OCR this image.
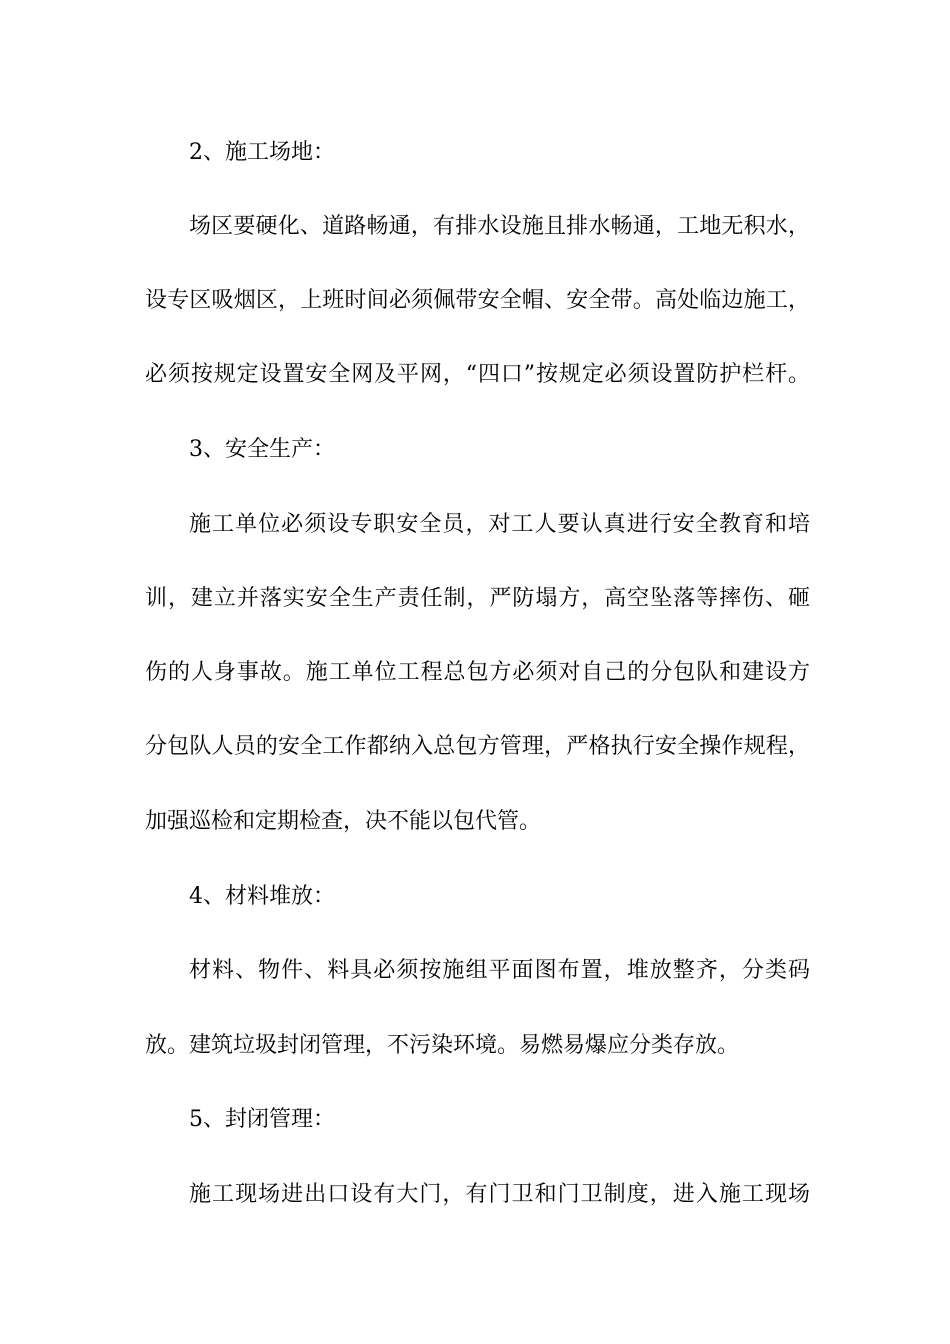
2、施工场地：
场区要硬化、道路畅通，有排水设施且排水畅通，工地无积水，
设专区吸烟区，上班时间必须佩带安全帽、安全带。高处临边施工，
必须按规定设置安全网及平网，“四口”按规定必须设置防护栏杆。
3、安全生产：
施工单位必须设专职安全员，对工人要认真进行安全教育和培
训，建立并落实安全生产责任制，严防塌方，高空坠落等摔伤、砸
伤的人身事故。施工单位工程总包方必须对自己的分包队和建设方
分包队人员的安全工作都纳入总包方管理，严格执行安全操作规程，
加强巡检和定期检查，决不能以包代管。
4、材料堆放：
材料、物件、料具必须按施组平面图布置，堆放整齐，分类码
放。建筑垃圾封闭管理，不污染环境。易燃易爆应分类存放。
5、封闭管理：
施工现场进出口设有大门，有门卫和门卫制度，进入施工现场
